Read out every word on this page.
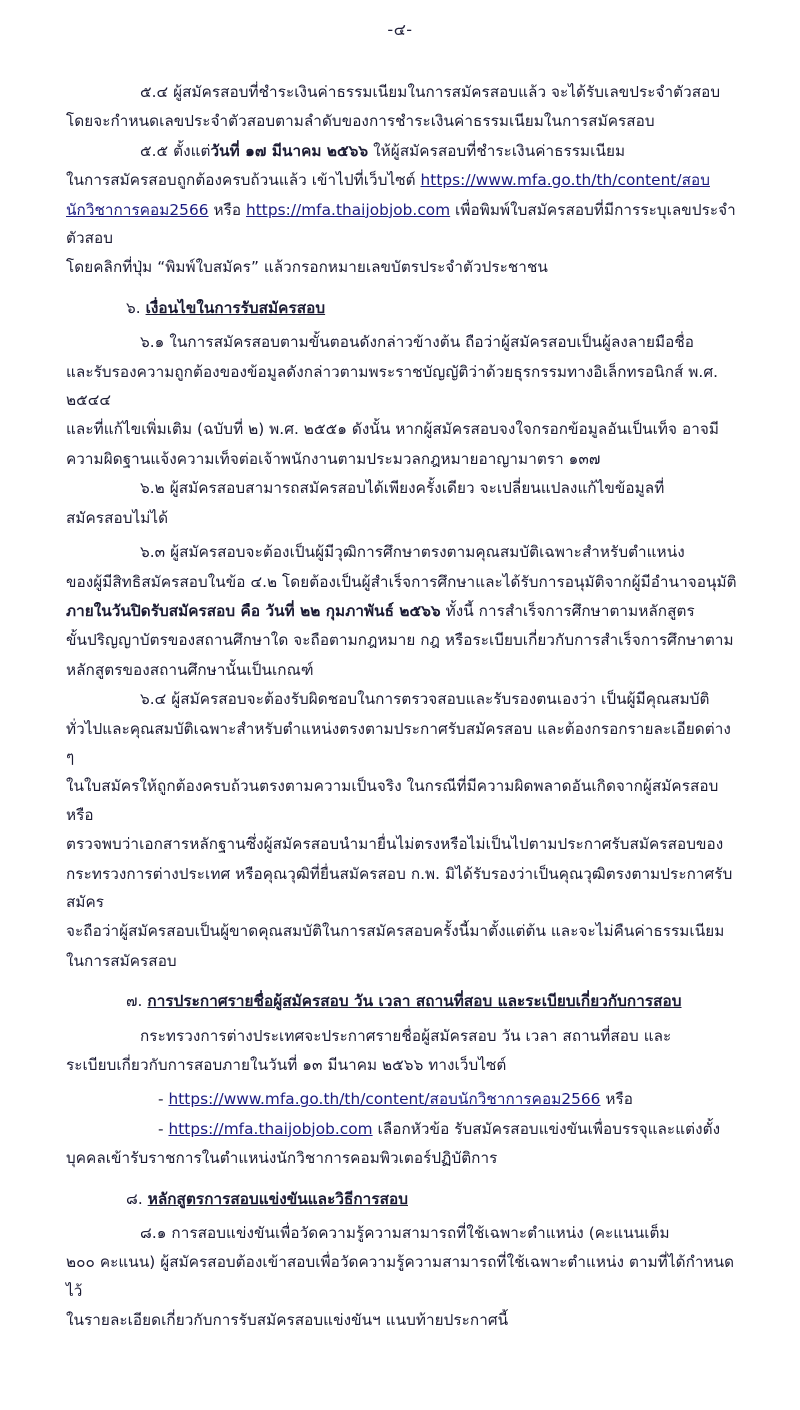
-๔-

๕.๔ ผู้สมัครสอบที่ชำระเงินค่าธรรมเนียมในการสมัครสอบแล้ว จะได้รับเลขประจำตัวสอบ

โดยจะกำหนดเลขประจำตัวสอบตามลำดับของการชำระเงินค่าธรรมเนียมในการสมัครสอบ

๕.๕ ตั้งแต่วันที่ ๑๗ มีนาคม ๒๕๖๖ ให้ผู้สมัครสอบที่ชำระเงินค่าธรรมเนียม

ในการสมัครสอบถูกต้องครบถ้วนแล้ว เข้าไปที่เว็บไซต์ https://www.mfa.go.th/th/content/สอบ

นักวิชาการคอม2566 หรือ https://mfa.thaijobjob.com เพื่อพิมพ์ใบสมัครสอบที่มีการระบุเลขประจำตัวสอบ

โดยคลิกที่ปุ่ม “พิมพ์ใบสมัคร” แล้วกรอกหมายเลขบัตรประจำตัวประชาชน

๖. เงื่อนไขในการรับสมัครสอบ

๖.๑ ในการสมัครสอบตามขั้นตอนดังกล่าวข้างต้น ถือว่าผู้สมัครสอบเป็นผู้ลงลายมือชื่อ

และรับรองความถูกต้องของข้อมูลดังกล่าวตามพระราชบัญญัติว่าด้วยธุรกรรมทางอิเล็กทรอนิกส์ พ.ศ. ๒๕๔๔

และที่แก้ไขเพิ่มเติม (ฉบับที่ ๒) พ.ศ. ๒๕๕๑ ดังนั้น หากผู้สมัครสอบจงใจกรอกข้อมูลอันเป็นเท็จ อาจมี

ความผิดฐานแจ้งความเท็จต่อเจ้าพนักงานตามประมวลกฎหมายอาญามาตรา ๑๓๗

๖.๒ ผู้สมัครสอบสามารถสมัครสอบได้เพียงครั้งเดียว จะเปลี่ยนแปลงแก้ไขข้อมูลที่

สมัครสอบไม่ได้

๖.๓ ผู้สมัครสอบจะต้องเป็นผู้มีวุฒิการศึกษาตรงตามคุณสมบัติเฉพาะสำหรับตำแหน่ง

ของผู้มีสิทธิสมัครสอบในข้อ ๔.๒ โดยต้องเป็นผู้สำเร็จการศึกษาและได้รับการอนุมัติจากผู้มีอำนาจอนุมัติ

ภายในวันปิดรับสมัครสอบ คือ วันที่ ๒๒ กุมภาพันธ์ ๒๕๖๖ ทั้งนี้ การสำเร็จการศึกษาตามหลักสูตร

ขั้นปริญญาบัตรของสถานศึกษาใด จะถือตามกฎหมาย กฎ หรือระเบียบเกี่ยวกับการสำเร็จการศึกษาตาม

หลักสูตรของสถานศึกษานั้นเป็นเกณฑ์

๖.๔ ผู้สมัครสอบจะต้องรับผิดชอบในการตรวจสอบและรับรองตนเองว่า เป็นผู้มีคุณสมบัติ

ทั่วไปและคุณสมบัติเฉพาะสำหรับตำแหน่งตรงตามประกาศรับสมัครสอบ และต้องกรอกรายละเอียดต่าง ๆ

ในใบสมัครให้ถูกต้องครบถ้วนตรงตามความเป็นจริง ในกรณีที่มีความผิดพลาดอันเกิดจากผู้สมัครสอบ หรือ

ตรวจพบว่าเอกสารหลักฐานซึ่งผู้สมัครสอบนำมายื่นไม่ตรงหรือไม่เป็นไปตามประกาศรับสมัครสอบของ

กระทรวงการต่างประเทศ หรือคุณวุฒิที่ยื่นสมัครสอบ ก.พ. มิได้รับรองว่าเป็นคุณวุฒิตรงตามประกาศรับสมัคร

จะถือว่าผู้สมัครสอบเป็นผู้ขาดคุณสมบัติในการสมัครสอบครั้งนี้มาตั้งแต่ต้น และจะไม่คืนค่าธรรมเนียม

ในการสมัครสอบ

๗. การประกาศรายชื่อผู้สมัครสอบ วัน เวลา สถานที่สอบ และระเบียบเกี่ยวกับการสอบ

กระทรวงการต่างประเทศจะประกาศรายชื่อผู้สมัครสอบ วัน เวลา สถานที่สอบ และ

ระเบียบเกี่ยวกับการสอบภายในวันที่ ๑๓ มีนาคม ๒๕๖๖ ทางเว็บไซต์

- https://www.mfa.go.th/th/content/สอบนักวิชาการคอม2566 หรือ

- https://mfa.thaijobjob.com เลือกหัวข้อ รับสมัครสอบแข่งขันเพื่อบรรจุและแต่งตั้ง

บุคคลเข้ารับราชการในตำแหน่งนักวิชาการคอมพิวเตอร์ปฏิบัติการ

๘. หลักสูตรการสอบแข่งขันและวิธีการสอบ

๘.๑ การสอบแข่งขันเพื่อวัดความรู้ความสามารถที่ใช้เฉพาะตำแหน่ง (คะแนนเต็ม

๒๐๐ คะแนน) ผู้สมัครสอบต้องเข้าสอบเพื่อวัดความรู้ความสามารถที่ใช้เฉพาะตำแหน่ง ตามที่ได้กำหนดไว้

ในรายละเอียดเกี่ยวกับการรับสมัครสอบแข่งขันฯ แนบท้ายประกาศนี้
